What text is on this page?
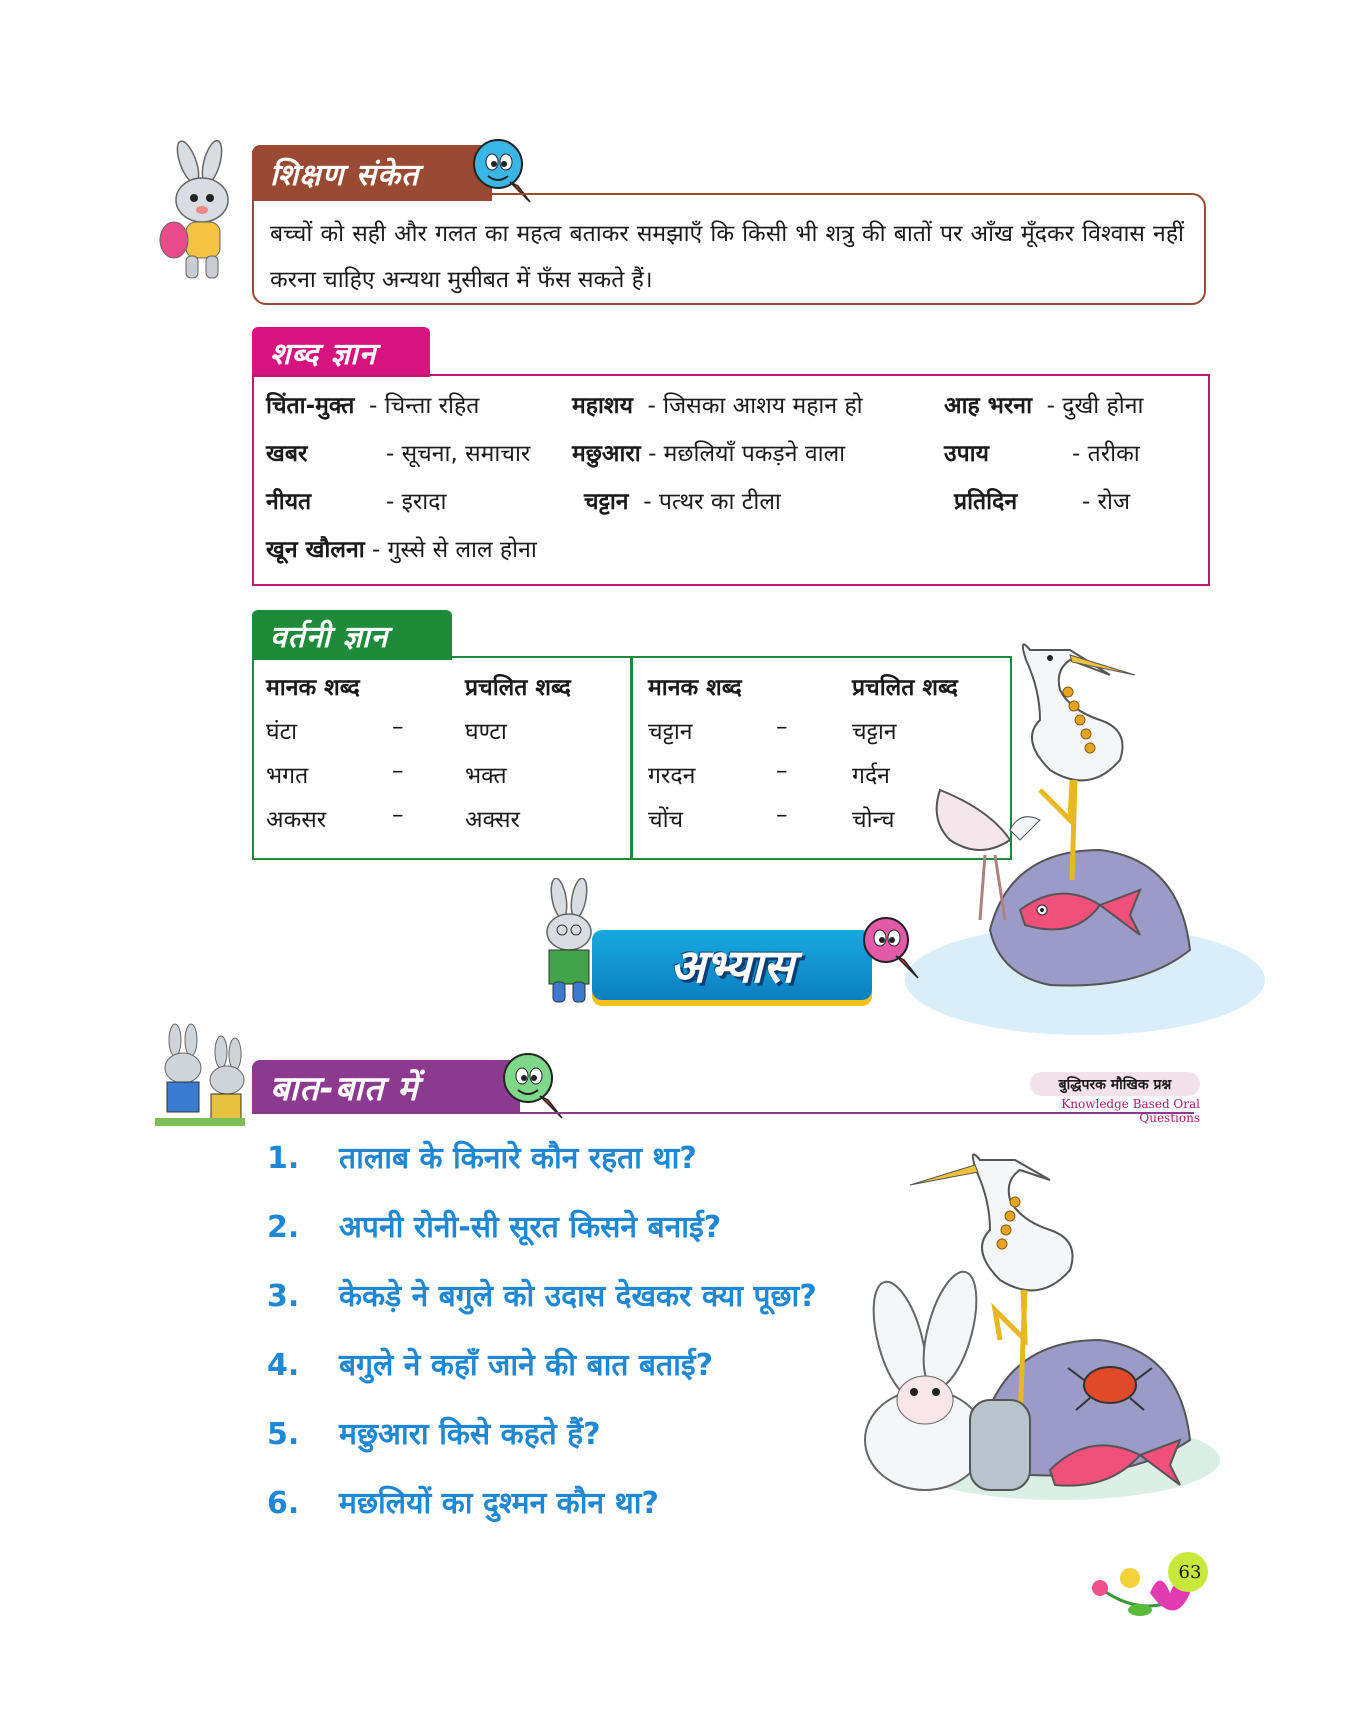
शिक्षण संकेत
बच्चों को सही और गलत का महत्व बताकर समझाएँ कि किसी भी शत्रु की बातों पर आँख मूँदकर विश्वास नहीं करना चाहिए अन्यथा मुसीबत में फँस सकते हैं।
शब्द ज्ञान
चिंता-मुक्त - चिन्ता रहित	महाशय - जिसका आशय महान हो	आह भरना - दुखी होना
खबर	- सूचना, समाचार मछुआरा - मछलियाँ पकड़ने वाला	उपाय	- तरीका
नीयत	- इरादा	चट्टान - पत्थर का टीला	प्रतिदिन	- रोज
खून खौलना - गुस्से से लाल होना
वर्तनी ज्ञान
मानक शब्द	प्रचलित शब्द
घंटा	–	घण्टा
भगत	–	भक्त
अकसर	–	अक्सर
मानक शब्द	प्रचलित शब्द
चट्टान	–	चट्टान
गरदन	–	गर्दन
चोंच	–	चोन्च
अभ्यास
बात-बात में	बुद्धिपरक मौखिक प्रश्न
Knowledge Based Oral Questions
1. तालाब के किनारे कौन रहता था?
2. अपनी रोनी-सी सूरत किसने बनाई?
3. केकड़े ने बगुले को उदास देखकर क्या पूछा?
4. बगुले ने कहाँ जाने की बात बताई?
5. मछुआरा किसे कहते हैं?
6. मछलियों का दुश्मन कौन था?
63
